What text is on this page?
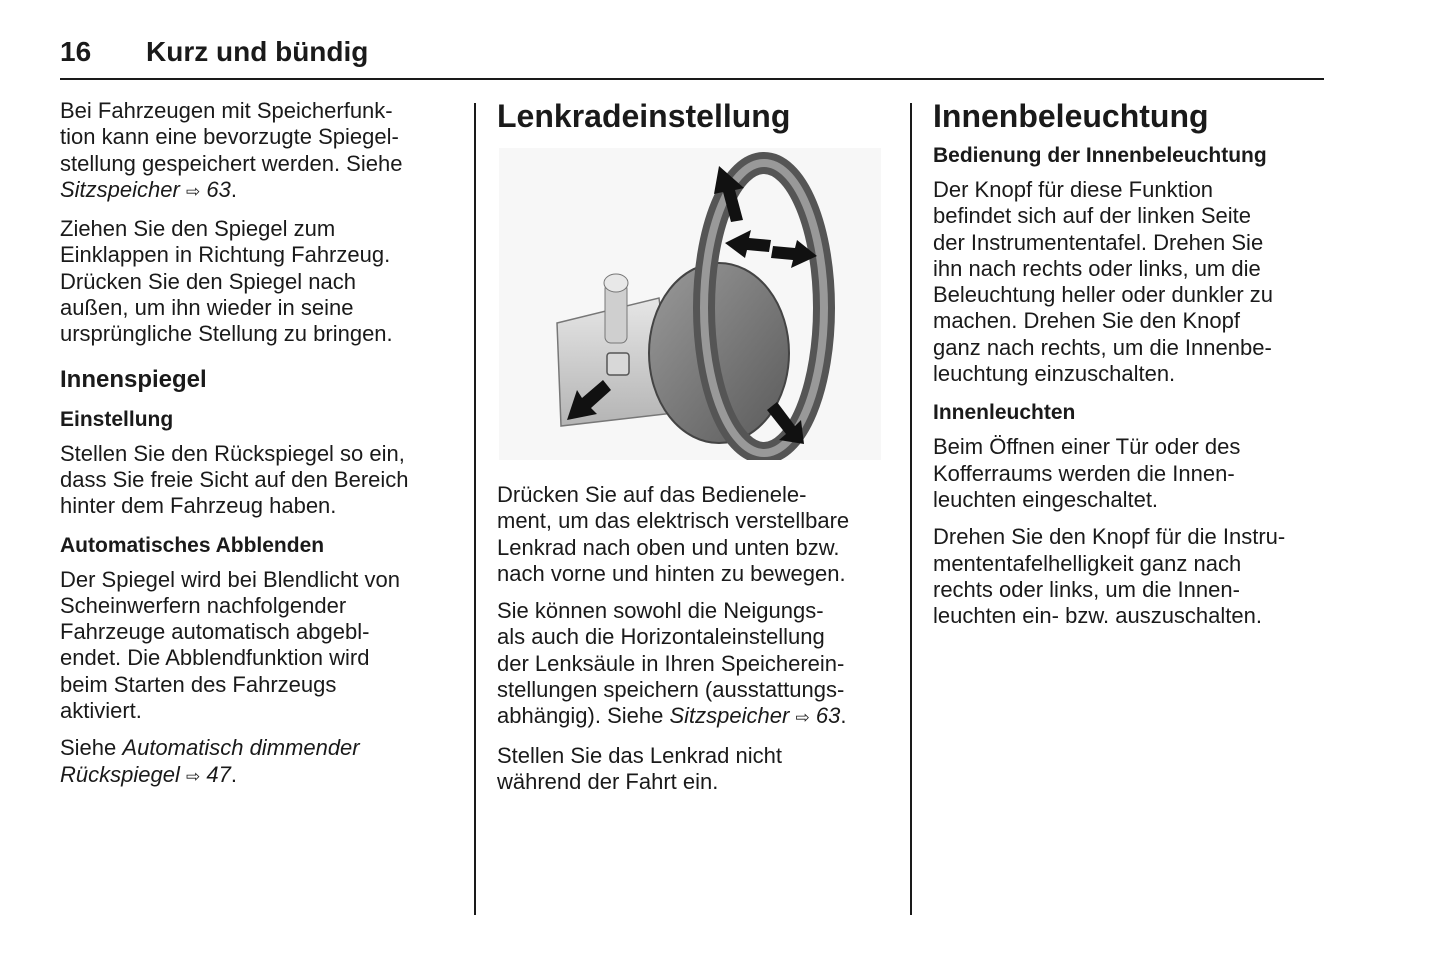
16 Kurz und bündig

Bei Fahrzeugen mit Speicherfunk-
tion kann eine bevorzugte Spiegel-
stellung gespeichert werden. Siehe
Sitzspeicher ⇨ 63.

Ziehen Sie den Spiegel zum
Einklappen in Richtung Fahrzeug.
Drücken Sie den Spiegel nach
außen, um ihn wieder in seine
ursprüngliche Stellung zu bringen.

Innenspiegel
Einstellung

Stellen Sie den Rückspiegel so ein,
dass Sie freie Sicht auf den Bereich
hinter dem Fahrzeug haben.

Automatisches Abblenden

Der Spiegel wird bei Blendlicht von
Scheinwerfern nachfolgender
Fahrzeuge automatisch abgebl-
endet. Die Abblendfunktion wird
beim Starten des Fahrzeugs
aktiviert.

Siehe Automatisch dimmender
Rückspiegel ⇨ 47.

Lenkradeinstellung

Drücken Sie auf das Bedienele-
ment, um das elektrisch verstellbare
Lenkrad nach oben und unten bzw.
nach vorne und hinten zu bewegen.

Sie können sowohl die Neigungs-
als auch die Horizontaleinstellung
der Lenksäule in Ihren Speicherein-
stellungen speichern (ausstattungs-
abhängig). Siehe Sitzspeicher ⇨ 63.

Stellen Sie das Lenkrad nicht
während der Fahrt ein.

Innenbeleuchtung
Bedienung der Innenbeleuchtung

Der Knopf für diese Funktion
befindet sich auf der linken Seite
der Instrumententafel. Drehen Sie
ihn nach rechts oder links, um die
Beleuchtung heller oder dunkler zu
machen. Drehen Sie den Knopf
ganz nach rechts, um die Innenbe-
leuchtung einzuschalten.

Innenleuchten

Beim Öffnen einer Tür oder des
Kofferraums werden die Innen-
leuchten eingeschaltet.

Drehen Sie den Knopf für die Instru-
mententafelhelligkeit ganz nach
rechts oder links, um die Innen-
leuchten ein- bzw. auszuschalten.
